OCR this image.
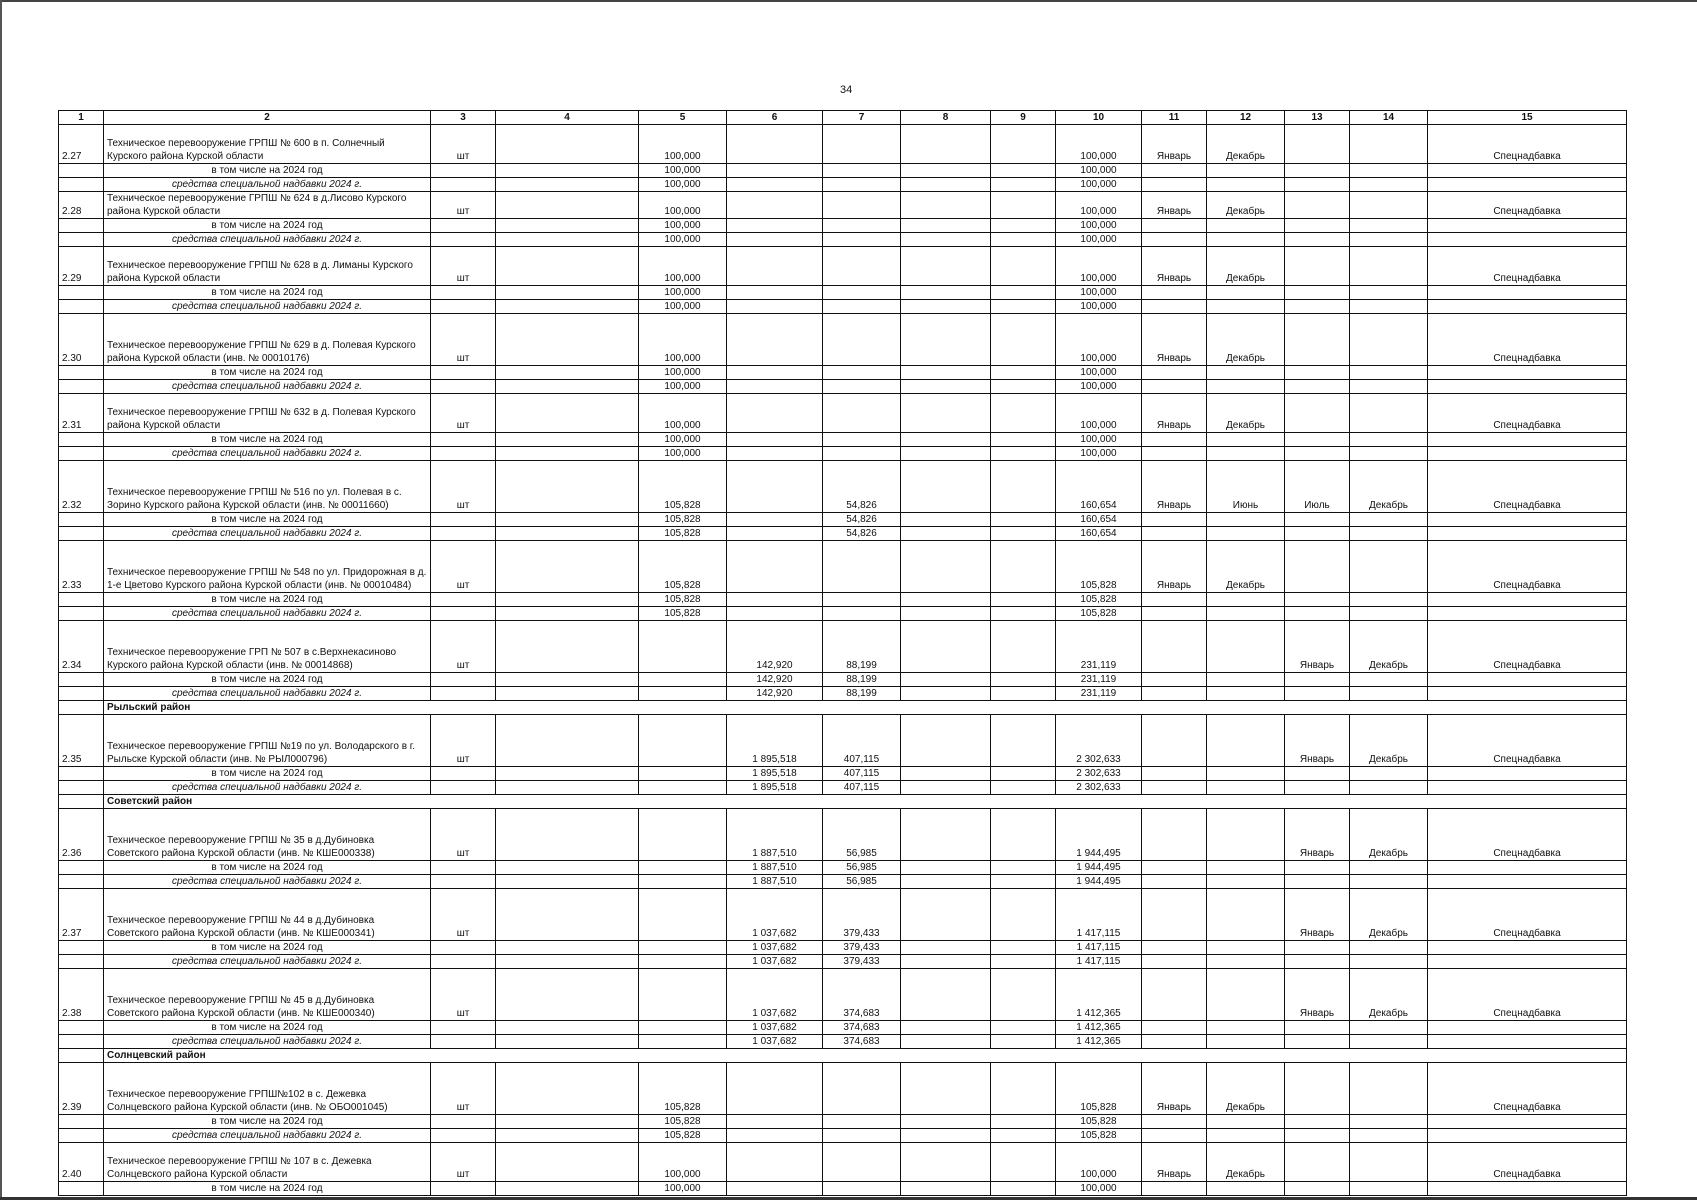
34
1	2	3	4	5	6	7	8	9	10	11	12	13	14	15
2.27	Техническое перевооружение ГРПШ № 600 в п. Солнечный Курского района Курской области	шт		100,000					100,000	Январь	Декабрь			Спецнадбавка
	в том числе на 2024 год			100,000					100,000					
	средства специальной надбавки 2024 г.			100,000					100,000					
2.28	Техническое перевооружение ГРПШ № 624 в д.Лисово Курского района Курской области	шт		100,000					100,000	Январь	Декабрь			Спецнадбавка
	в том числе на 2024 год			100,000					100,000					
	средства специальной надбавки 2024 г.			100,000					100,000					
2.29	Техническое перевооружение ГРПШ № 628 в д. Лиманы Курского района Курской области	шт		100,000					100,000	Январь	Декабрь			Спецнадбавка
	в том числе на 2024 год			100,000					100,000					
	средства специальной надбавки 2024 г.			100,000					100,000					
2.30	Техническое перевооружение ГРПШ № 629 в д. Полевая Курского района Курской области (инв. № 00010176)	шт		100,000					100,000	Январь	Декабрь			Спецнадбавка
	в том числе на 2024 год			100,000					100,000					
	средства специальной надбавки 2024 г.			100,000					100,000					
2.31	Техническое перевооружение ГРПШ № 632 в д. Полевая Курского района Курской области	шт		100,000					100,000	Январь	Декабрь			Спецнадбавка
	в том числе на 2024 год			100,000					100,000					
	средства специальной надбавки 2024 г.			100,000					100,000					
2.32	Техническое перевооружение ГРПШ № 516 по ул. Полевая в с. Зорино Курского района Курской области (инв. № 00011660)	шт		105,828		54,826			160,654	Январь	Июнь	Июль	Декабрь	Спецнадбавка
	в том числе на 2024 год			105,828		54,826			160,654					
	средства специальной надбавки 2024 г.			105,828		54,826			160,654					
2.33	Техническое перевооружение ГРПШ № 548 по ул. Придорожная в д. 1-е Цветово Курского района Курской области (инв. № 00010484)	шт		105,828					105,828	Январь	Декабрь			Спецнадбавка
	в том числе на 2024 год			105,828					105,828					
	средства специальной надбавки 2024 г.			105,828					105,828					
2.34	Техническое перевооружение ГРП № 507 в с.Верхнекасиново Курского района Курской области (инв. № 00014868)	шт			142,920	88,199			231,119			Январь	Декабрь	Спецнадбавка
	в том числе на 2024 год				142,920	88,199			231,119					
	средства специальной надбавки 2024 г.				142,920	88,199			231,119					
	Рыльский район													
2.35	Техническое перевооружение ГРПШ №19 по ул. Володарского в г. Рыльске Курской области (инв. № РЫЛ000796)	шт			1 895,518	407,115			2 302,633			Январь	Декабрь	Спецнадбавка
	в том числе на 2024 год				1 895,518	407,115			2 302,633					
	средства специальной надбавки 2024 г.				1 895,518	407,115			2 302,633					
	Советский район													
2.36	Техническое перевооружение ГРПШ № 35 в д.Дубиновка Советского района Курской области (инв. № КШЕ000338)	шт			1 887,510	56,985			1 944,495			Январь	Декабрь	Спецнадбавка
	в том числе на 2024 год				1 887,510	56,985			1 944,495					
	средства специальной надбавки 2024 г.				1 887,510	56,985			1 944,495					
2.37	Техническое перевооружение ГРПШ № 44 в д.Дубиновка Советского района Курской области (инв. № КШЕ000341)	шт			1 037,682	379,433			1 417,115			Январь	Декабрь	Спецнадбавка
	в том числе на 2024 год				1 037,682	379,433			1 417,115					
	средства специальной надбавки 2024 г.				1 037,682	379,433			1 417,115					
2.38	Техническое перевооружение ГРПШ № 45 в д.Дубиновка Советского района Курской области (инв. № КШЕ000340)	шт			1 037,682	374,683			1 412,365			Январь	Декабрь	Спецнадбавка
	в том числе на 2024 год				1 037,682	374,683			1 412,365					
	средства специальной надбавки 2024 г.				1 037,682	374,683			1 412,365					
	Солнцевский район													
2.39	Техническое перевооружение ГРПШ№102 в с. Дежевка Солнцевского района Курской области (инв. № ОБО001045)	шт		105,828					105,828	Январь	Декабрь			Спецнадбавка
	в том числе на 2024 год			105,828					105,828					
	средства специальной надбавки 2024 г.			105,828					105,828					
2.40	Техническое перевооружение ГРПШ № 107 в с. Дежевка Солнцевского района Курской области	шт		100,000					100,000	Январь	Декабрь			Спецнадбавка
	в том числе на 2024 год			100,000					100,000					
